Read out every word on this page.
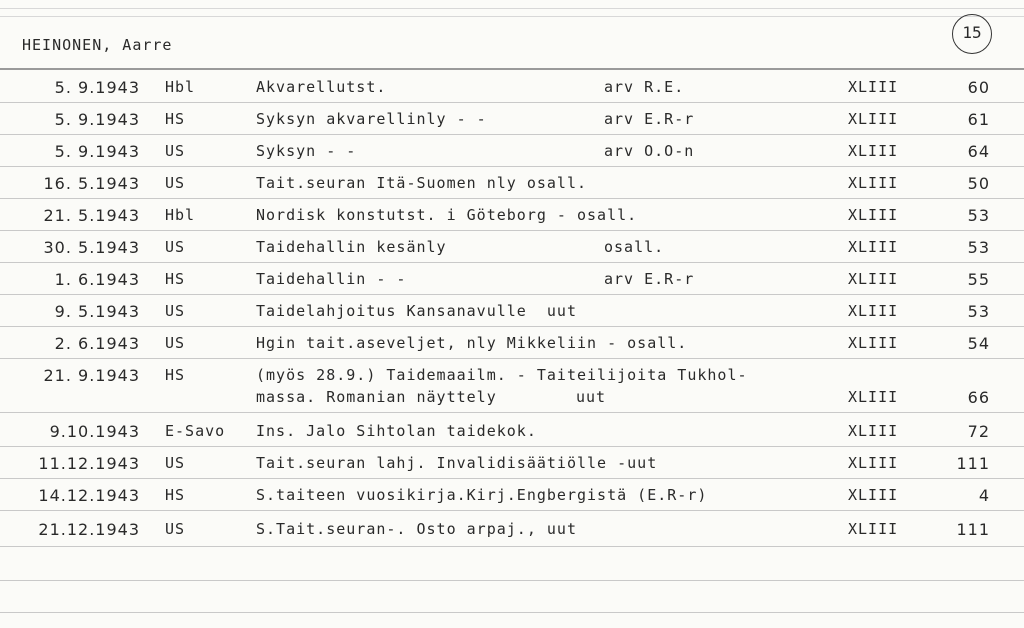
HEINONEN, Aarre
15
5. 9.1943 Hbl	Akvarellutst.	arv R.E.	XLIII	60
5. 9.1943 HS	Syksyn akvarellinly - -	arv E.R-r	XLIII	61
5. 9.1943 US	Syksyn - -	arv O.O-n	XLIII	64
16. 5.1943 US	Tait.seuran Itä-Suomen nly osall.	XLIII	50
21. 5.1943 Hbl	Nordisk konstutst. i Göteborg - osall.	XLIII	53
30. 5.1943 US	Taidehallin kesänly	osall.	XLIII	53
1. 6.1943 HS	Taidehallin - -	arv E.R-r	XLIII	55
9. 5.1943 US	Taidelahjoitus Kansanavulle  uut	XLIII	53
2. 6.1943 US	Hgin tait.aseveljet, nly Mikkeliin - osall.	XLIII	54
21. 9.1943 HS	(myös 28.9.) Taidemaailm. - Taiteilijoita Tukhol-
massa. Romanian näyttely	uut	XLIII	66
9.10.1943 E-Savo Ins. Jalo Sihtolan taidekok.	XLIII	72
11.12.1943 US	Tait.seuran lahj. Invalidisäätiölle -uut	XLIII	111
14.12.1943 HS	S.taiteen vuosikirja.Kirj.Engbergistä (E.R-r)	XLIII	4
21.12.1943 US	S.Tait.seuran-. Osto arpaj., uut	XLIII	111
